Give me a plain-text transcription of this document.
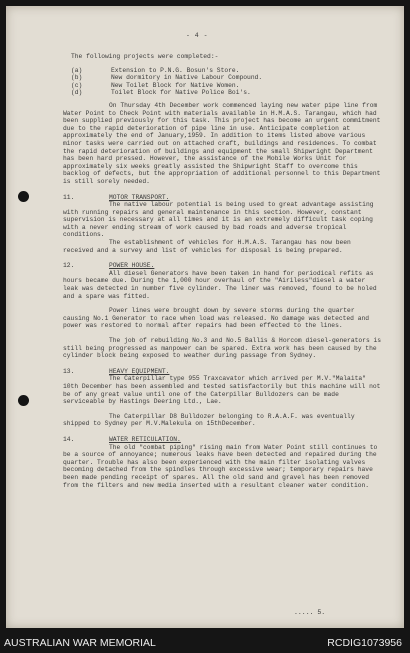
- 4 -

The following projects were completed:-

(a)	Extension to P.N.G. Bosun's Store.
(b)	New dormitory in Native Labour Compound.
(c)	New Toilet Block for Native Women.
(d)	Toilet Block for Native Police Boi's.

On Thursday 4th December work commenced laying new water pipe line from Water Point to Check Point with materials available in H.M.A.S. Tarangau, which had been supplied previously for this task. This project has become an urgent commitment due to the rapid deterioration of pipe line in use. Anticipate completion at approximately the end of January,1959. In addition to items listed above various minor tasks were carried out on attached craft, buildings and residences. To combat the rapid deterioration of buildings and equipment the small Shipwright Department has been hard pressed. However, the assistance of the Mobile Works Unit for approximately six weeks greatly assisted the Shipwright Staff to overcome this backlog of defects, but the appropriation of additional personnel to this Department is still sorely needed.

11.	MOTOR TRANSPORT.

The native labour potential is being used to great advantage assisting with running repairs and general maintenance in this section. However, constant supervision is necessary at all times and it is an extremely difficult task coping with a never ending stream of work caused by bad roads and adverse tropical conditions.

The establishment of vehicles for H.M.A.S. Tarangau has now been received and a survey and list of vehicles for disposal is being prepared.

12.	POWER HOUSE.

All diesel Generators have been taken in hand for periodical refits as hours became due. During the 1,000 hour overhaul of the "Airiless"diesel a water leak was detected in number five cylinder. The liner was removed, found to be holed and a spare was fitted.

Power lines were brought down by severe storms during the quarter causing No.1 Generator to race when load was released. No damage was detected and power was restored to normal after repairs had been effected to the lines.

The job of rebuilding No.3 and No.5 Ballis & Horcom diesel-generators is still being progressed as manpower can be spared. Extra work has been caused by the cylinder block being exposed to weather during passage from Sydney.

13.	HEAVY EQUIPMENT.

The Caterpillar type 955 Traxcavator which arrived per M.V."Malaita" 10th December has been assembled and tested satisfactorily but this machine will not be of any great value until one of the Caterpillar Bulldozers can be made serviceable by Hastings Deering Ltd., Lae.

The Caterpillar D8 Bulldozer belonging to R.A.A.F. was eventually shipped to Sydney per M.V.Malekula on 15thDecember.

14.	WATER RETICULATION.

The old "combat piping" rising main from Water Point still continues to be a source of annoyance; numerous leaks have been detected and repaired during the quarter. Trouble has also been experienced with the main filter isolating valves becoming detached from the spindles through excessive wear; temporary repairs have been made pending receipt of spares. All the old sand and gravel has been removed from the filters and new media inserted with a resultant cleaner water condition.

..... 5.
AUSTRALIAN WAR MEMORIAL	RCDIG1073956
